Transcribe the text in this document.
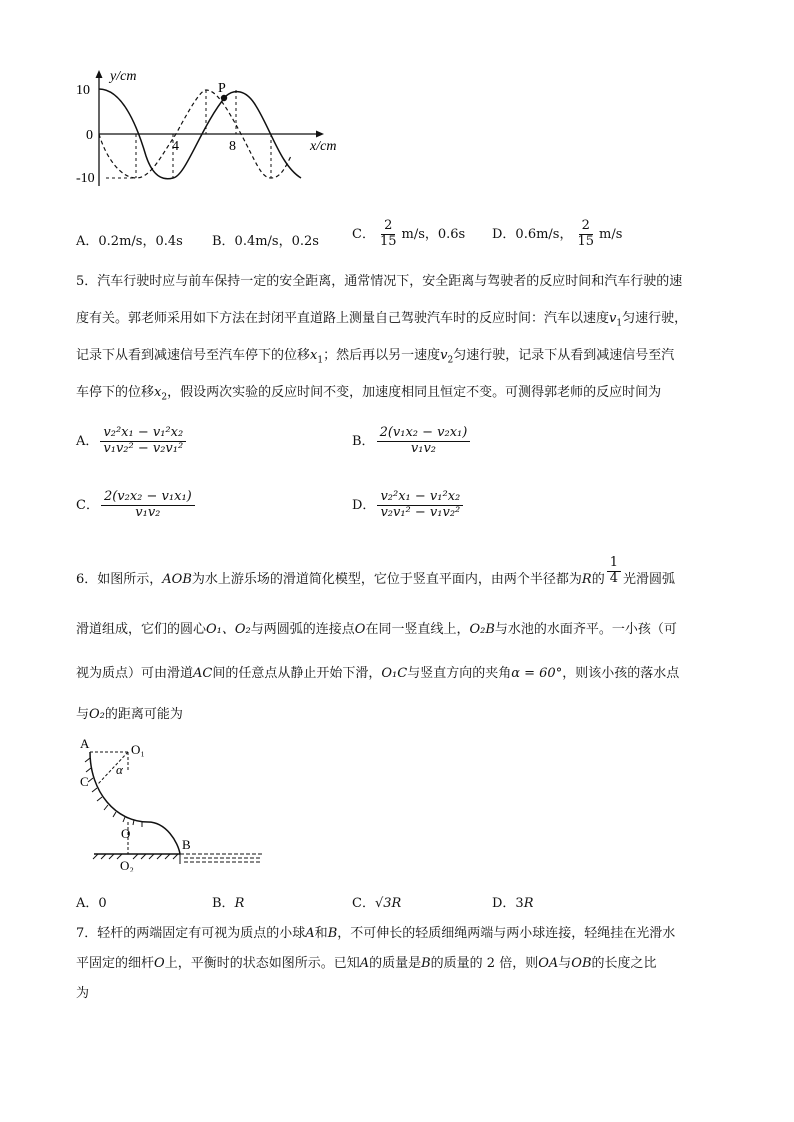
y/cm
x/cm
10
0
-10
4	8
P
A．0.2m/s，0.4s B．0.4m/s，0.2s	C． $\frac{2}{15} m/s$，0.6s D．0.6m/s， $\frac{2}{15} m/s$
5．汽车行驶时应与前车保持一定的安全距离，通常情况下，安全距离与驾驶者的反应时间和汽车行驶的速
度有关。郭老师采用如下方法在封闭平直道路上测量自己驾驶汽车时的反应时间：汽车以速度$v_1$匀速行驶，
记录下从看到减速信号至汽车停下的位移$x_1$；然后再以另一速度$v_2$匀速行驶，记录下从看到减速信号至汽
车停下的位移$x_2$，假设两次实验的反应时间不变，加速度相同且恒定不变。可测得郭老师的反应时间为
A． $\frac{\text{v₂²x₁ − v₁²x₂}}{\text{v₁v₂² − v₂v₁²}}$	B． $\frac{\text{2(v₁x₂ − v₂x₁)}}{\text{v₁v₂}}$
C． $\frac{\text{2(v₂x₂ − v₁x₁)}}{\text{v₁v₂}}$	D． $\frac{\text{v₂²x₁ − v₁²x₂}}{\text{v₂v₁² − v₁v₂²}}$
6．如图所示，AOB为水上游乐场的滑道简化模型，它位于竖直平面内，由两个半径都为R的 $\frac{1}{4}$ 光滑圆弧
滑道组成，它们的圆心O₁、O₂与两圆弧的连接点O在同一竖直线上，O₂B与水池的水面齐平。一小孩（可
视为质点）可由滑道AC间的任意点从静止开始下滑，O₁C与竖直方向的夹角α = 60°，则该小孩的落水点
与O₂的距离可能为
A	O₁
α
C
O
B
O₂
A．0	B．R	C．√3R	D．3R
7．轻杆的两端固定有可视为质点的小球A和B，不可伸长的轻质细绳两端与两小球连接，轻绳挂在光滑水
平固定的细杆O上，平衡时的状态如图所示。已知A的质量是B的质量的 2 倍，则OA与OB的长度之比
为
